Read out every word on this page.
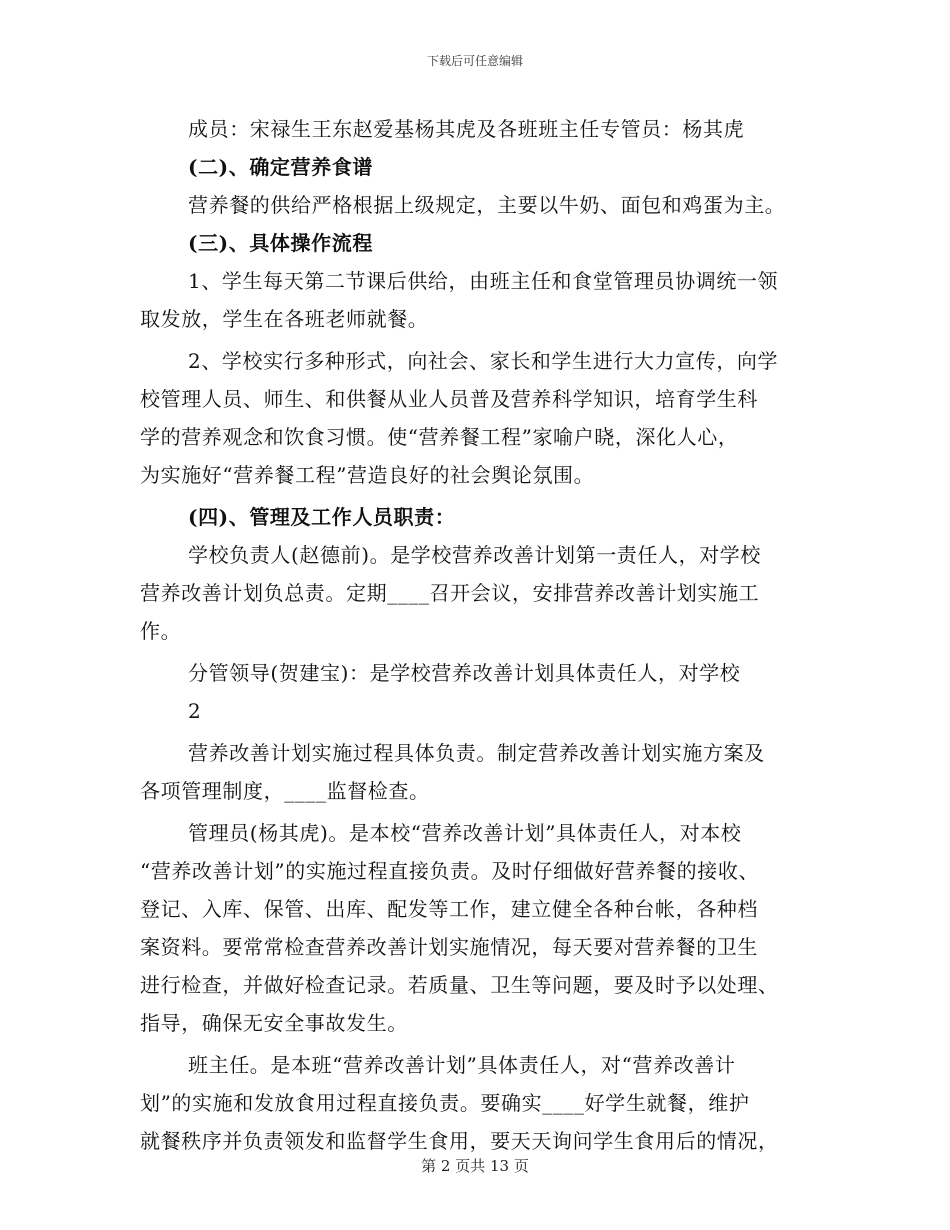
下载后可任意编辑
成员：宋禄生王东赵爱基杨其虎及各班班主任专管员：杨其虎
(二)、确定营养食谱
营养餐的供给严格根据上级规定，主要以牛奶、面包和鸡蛋为主。
(三)、具体操作流程
1、学生每天第二节课后供给，由班主任和食堂管理员协调统一领
取发放，学生在各班老师就餐。
2、学校实行多种形式，向社会、家长和学生进行大力宣传，向学
校管理人员、师生、和供餐从业人员普及营养科学知识，培育学生科
学的营养观念和饮食习惯。使“营养餐工程”家喻户晓，深化人心，
为实施好“营养餐工程”营造良好的社会舆论氛围。
(四)、管理及工作人员职责：
学校负责人(赵德前)。是学校营养改善计划第一责任人，对学校
营养改善计划负总责。定期____召开会议，安排营养改善计划实施工
作。
分管领导(贺建宝)：是学校营养改善计划具体责任人，对学校
2
营养改善计划实施过程具体负责。制定营养改善计划实施方案及
各项管理制度，____监督检查。
管理员(杨其虎)。是本校“营养改善计划”具体责任人，对本校
“营养改善计划”的实施过程直接负责。及时仔细做好营养餐的接收、
登记、入库、保管、出库、配发等工作，建立健全各种台帐，各种档
案资料。要常常检查营养改善计划实施情况，每天要对营养餐的卫生
进行检查，并做好检查记录。若质量、卫生等问题，要及时予以处理、
指导，确保无安全事故发生。
班主任。是本班“营养改善计划”具体责任人，对“营养改善计
划”的实施和发放食用过程直接负责。要确实____好学生就餐，维护
就餐秩序并负责领发和监督学生食用，要天天询问学生食用后的情况，
第 2 页共 13 页
